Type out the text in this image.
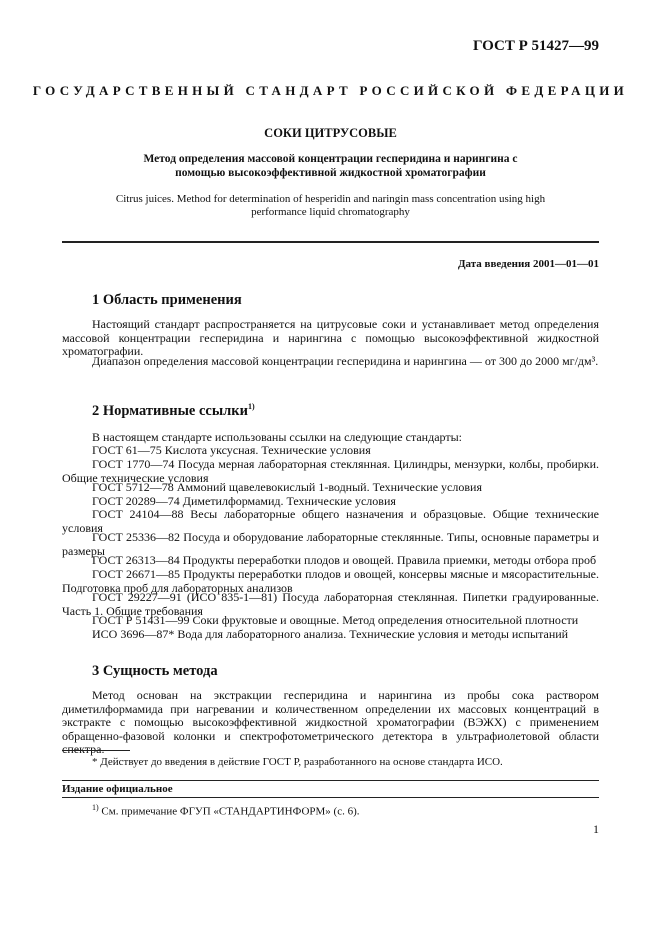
ГОСТ Р 51427—99
ГОСУДАРСТВЕННЫЙ СТАНДАРТ РОССИЙСКОЙ ФЕДЕРАЦИИ
СОКИ ЦИТРУСОВЫЕ
Метод определения массовой концентрации гесперидина и нарингина с помощью высокоэффективной жидкостной хроматографии
Citrus juices. Method for determination of hesperidin and naringin mass concentration using high performance liquid chromatography
Дата введения 2001—01—01
1 Область применения
Настоящий стандарт распространяется на цитрусовые соки и устанавливает метод определения массовой концентрации гесперидина и нарингина с помощью высокоэффективной жидкостной хроматографии.
Диапазон определения массовой концентрации гесперидина и нарингина — от 300 до 2000 мг/дм³.
2 Нормативные ссылки$^{1)}$
В настоящем стандарте использованы ссылки на следующие стандарты:
ГОСТ 61—75 Кислота уксусная. Технические условия
ГОСТ 1770—74 Посуда мерная лабораторная стеклянная. Цилиндры, мензурки, колбы, пробирки. Общие технические условия
ГОСТ 5712—78 Аммоний щавелевокислый 1-водный. Технические условия
ГОСТ 20289—74 Диметилформамид. Технические условия
ГОСТ 24104—88 Весы лабораторные общего назначения и образцовые. Общие технические условия
ГОСТ 25336—82 Посуда и оборудование лабораторные стеклянные. Типы, основные параметры и размеры
ГОСТ 26313—84 Продукты переработки плодов и овощей. Правила приемки, методы отбора проб
ГОСТ 26671—85 Продукты переработки плодов и овощей, консервы мясные и мясорастительные. Подготовка проб для лабораторных анализов
ГОСТ 29227—91 (ИСО 835-1—81) Посуда лабораторная стеклянная. Пипетки градуированные. Часть 1. Общие требования
ГОСТ Р 51431—99 Соки фруктовые и овощные. Метод определения относительной плотности
ИСО 3696—87* Вода для лабораторного анализа. Технические условия и методы испытаний
3 Сущность метода
Метод основан на экстракции гесперидина и нарингина из пробы сока раствором диметилформамида при нагревании и количественном определении их массовых концентраций в экстракте с помощью высокоэффективной жидкостной хроматографии (ВЭЖХ) с применением обращенно-фазовой колонки и спектрофотометрического детектора в ультрафиолетовой области спектра.
* Действует до введения в действие ГОСТ Р, разработанного на основе стандарта ИСО.
Издание официальное
$^{1)}$ См. примечание ФГУП «СТАНДАРТИНФОРМ» (с. 6).
1
